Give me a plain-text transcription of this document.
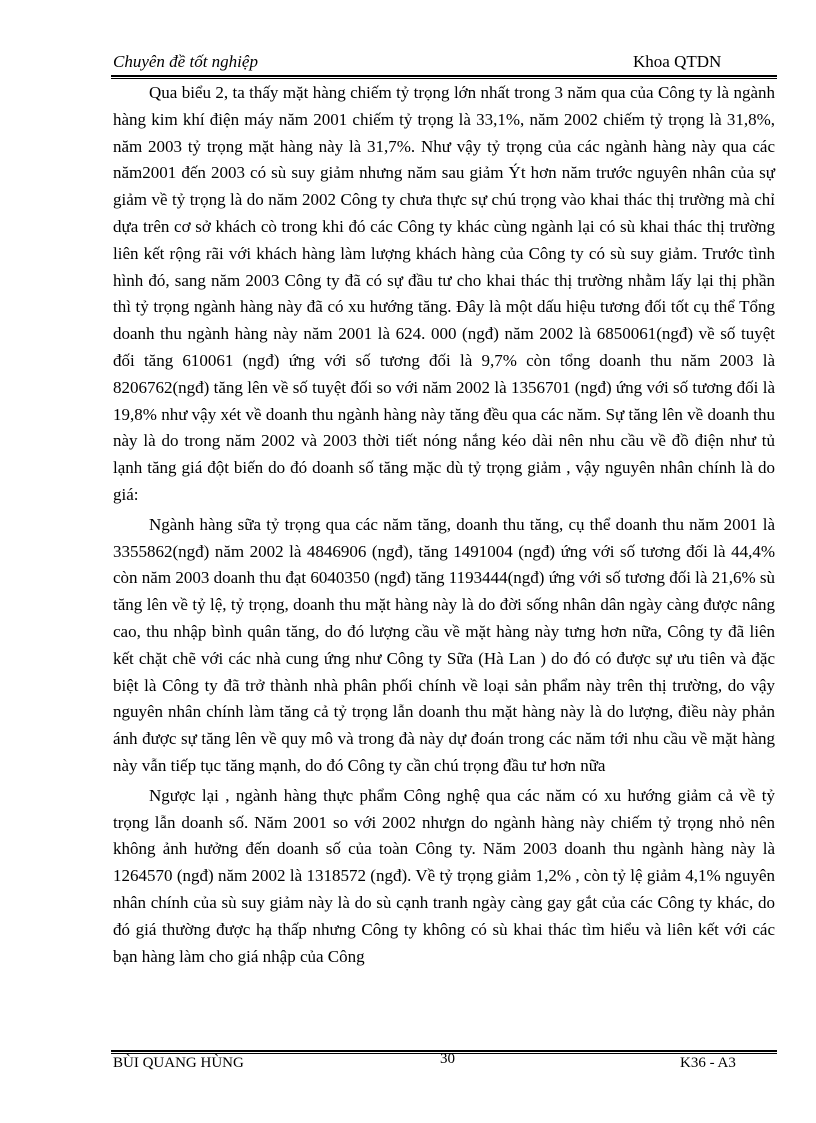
Chuyên đề tốt nghiệp	Khoa QTDN

Qua biểu 2, ta thấy mặt hàng chiếm tỷ trọng lớn nhất trong 3 năm qua của Công ty là ngành hàng kim khí điện máy năm 2001 chiếm tỷ trọng là 33,1%, năm 2002 chiếm tỷ trọng là 31,8%, năm 2003 tỷ trọng mặt hàng này là 31,7%. Như vậy tỷ trọng của các ngành hàng này qua các năm2001 đến 2003 có sù suy giảm nhưng năm sau giảm Ýt hơn năm trước nguyên nhân của sự giảm về tỷ trọng là do năm 2002 Công ty chưa thực sự chú trọng vào khai thác thị trường mà chỉ dựa trên cơ sở khách cò trong khi đó các Công ty khác cùng ngành lại có sù khai thác thị trường liên kết rộng rãi với khách hàng làm lượng khách hàng của Công ty có sù suy giảm. Trước tình hình đó, sang năm 2003 Công ty đã có sự đầu tư cho khai thác thị trường nhằm lấy lại thị phần thì tỷ trọng ngành hàng này đã có xu hướng tăng. Đây là một dấu hiệu tương đối tốt cụ thể Tổng doanh thu ngành hàng này năm 2001 là 624. 000 (ngđ) năm 2002 là 6850061(ngđ) về số tuyệt đối tăng 610061 (ngđ) ứng với số tương đối là 9,7% còn tổng doanh thu năm 2003 là 8206762(ngđ) tăng lên về số tuyệt đối so với năm 2002 là 1356701 (ngđ) ứng với số tương đối là 19,8% như vậy xét về doanh thu ngành hàng này tăng đều qua các năm. Sự tăng lên về doanh thu này là do trong năm 2002 và 2003 thời tiết nóng nắng kéo dài nên nhu cầu về đồ điện như tủ lạnh tăng giá đột biến do đó doanh số tăng mặc dù tỷ trọng giảm , vậy nguyên nhân chính là do giá:

Ngành hàng sữa tỷ trọng qua các năm tăng, doanh thu tăng, cụ thể doanh thu năm 2001 là 3355862(ngđ) năm 2002 là 4846906 (ngđ), tăng 1491004 (ngđ) ứng với số tương đối là 44,4% còn năm 2003 doanh thu đạt 6040350 (ngđ) tăng 1193444(ngđ) ứng với số tương đối là 21,6% sù tăng lên về tỷ lệ, tỷ trọng, doanh thu mặt hàng này là do đời sống nhân dân ngày càng được nâng cao, thu nhập bình quân tăng, do đó lượng cầu về mặt hàng này tưng hơn nữa, Công ty đã liên kết chặt chẽ với các nhà cung ứng như Công ty Sữa (Hà Lan ) do đó có được sự ưu tiên và đặc biệt là Công ty đã trở thành nhà phân phối chính về loại sản phẩm này trên thị trường, do vậy nguyên nhân chính làm tăng cả tỷ trọng lẫn doanh thu mặt hàng này là do lượng, điều này phản ánh được sự tăng lên về quy mô và trong đà này dự đoán trong các năm tới nhu cầu về mặt hàng này vẫn tiếp tục tăng mạnh, do đó Công ty cần chú trọng đầu tư hơn nữa

Ngược lại , ngành hàng thực phẩm Công nghệ qua các năm có xu hướng giảm cả về tỷ trọng lẫn doanh số. Năm 2001 so với 2002 nhưgn do ngành hàng này chiếm tỷ trọng nhỏ nên không ảnh hưởng đến doanh số của toàn Công ty. Năm 2003 doanh thu ngành hàng này là 1264570 (ngđ) năm 2002 là 1318572 (ngđ). Về tỷ trọng giảm 1,2% , còn tỷ lệ giảm 4,1% nguyên nhân chính của sù suy giảm này là do sù cạnh tranh ngày càng gay gắt của các Công ty khác, do đó giá thường được hạ thấp nhưng Công ty không có sù khai thác tìm hiểu và liên kết với các bạn hàng làm cho giá nhập của Công

BÙI QUANG HÙNG	30	K36 - A3
